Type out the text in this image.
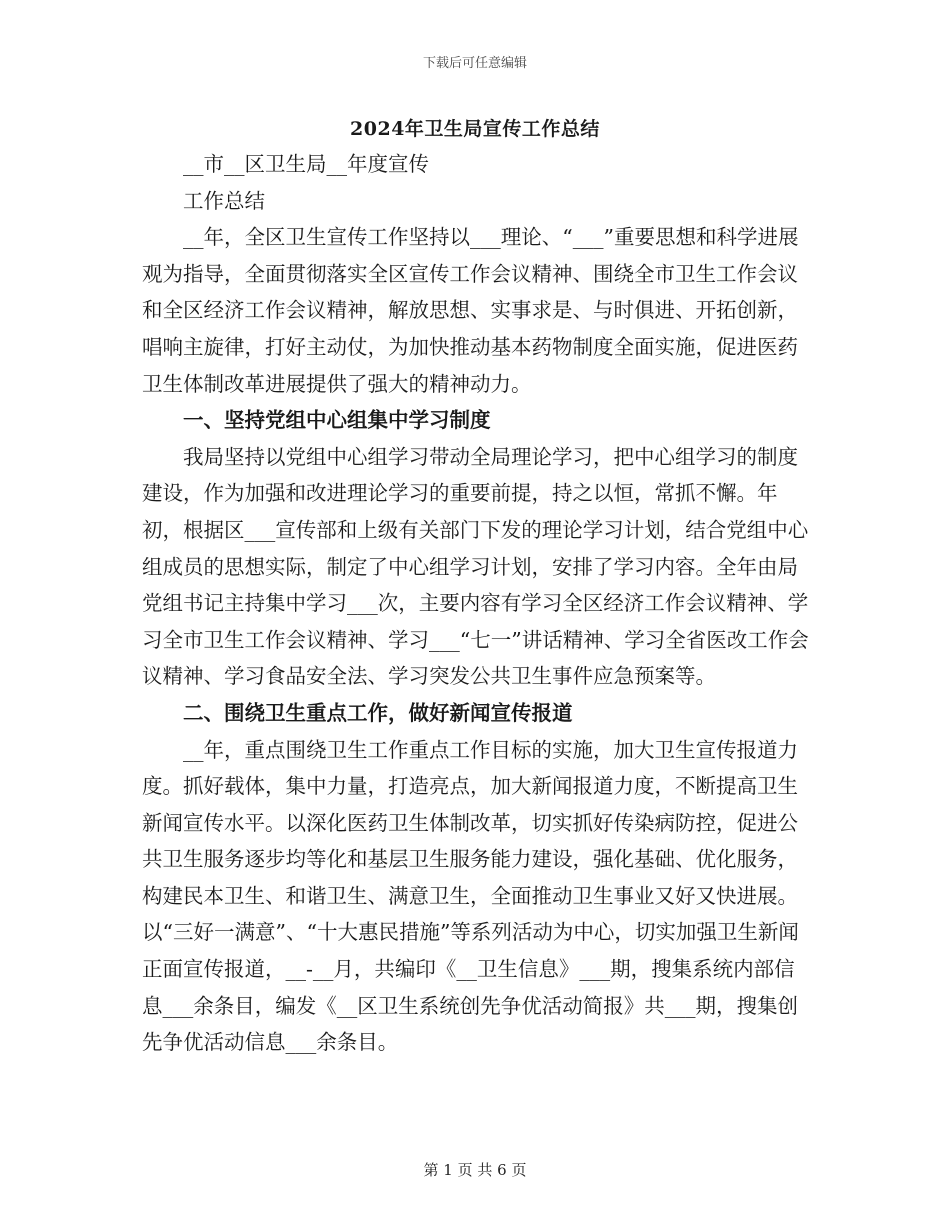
下载后可任意编辑
2024年卫生局宣传工作总结

__市__区卫生局__年度宣传

工作总结

__年，全区卫生宣传工作坚持以___理论、“___”重要思想和科学进展观为指导，全面贯彻落实全区宣传工作会议精神、围绕全市卫生工作会议和全区经济工作会议精神，解放思想、实事求是、与时俱进、开拓创新，唱响主旋律，打好主动仗，为加快推动基本药物制度全面实施，促进医药卫生体制改革进展提供了强大的精神动力。

一、坚持党组中心组集中学习制度

我局坚持以党组中心组学习带动全局理论学习，把中心组学习的制度建设，作为加强和改进理论学习的重要前提，持之以恒，常抓不懈。年初，根据区___宣传部和上级有关部门下发的理论学习计划，结合党组中心组成员的思想实际，制定了中心组学习计划，安排了学习内容。全年由局党组书记主持集中学习___次，主要内容有学习全区经济工作会议精神、学习全市卫生工作会议精神、学习___“七一”讲话精神、学习全省医改工作会议精神、学习食品安全法、学习突发公共卫生事件应急预案等。

二、围绕卫生重点工作，做好新闻宣传报道

__年，重点围绕卫生工作重点工作目标的实施，加大卫生宣传报道力度。抓好载体，集中力量，打造亮点，加大新闻报道力度，不断提高卫生新闻宣传水平。以深化医药卫生体制改革，切实抓好传染病防控，促进公共卫生服务逐步均等化和基层卫生服务能力建设，强化基础、优化服务，构建民本卫生、和谐卫生、满意卫生，全面推动卫生事业又好又快进展。以“三好一满意”、“十大惠民措施”等系列活动为中心，切实加强卫生新闻正面宣传报道，__-__月，共编印《__卫生信息》___期，搜集系统内部信息___余条目，编发《__区卫生系统创先争优活动简报》共___期，搜集创先争优活动信息___余条目。

第 1 页 共 6 页
